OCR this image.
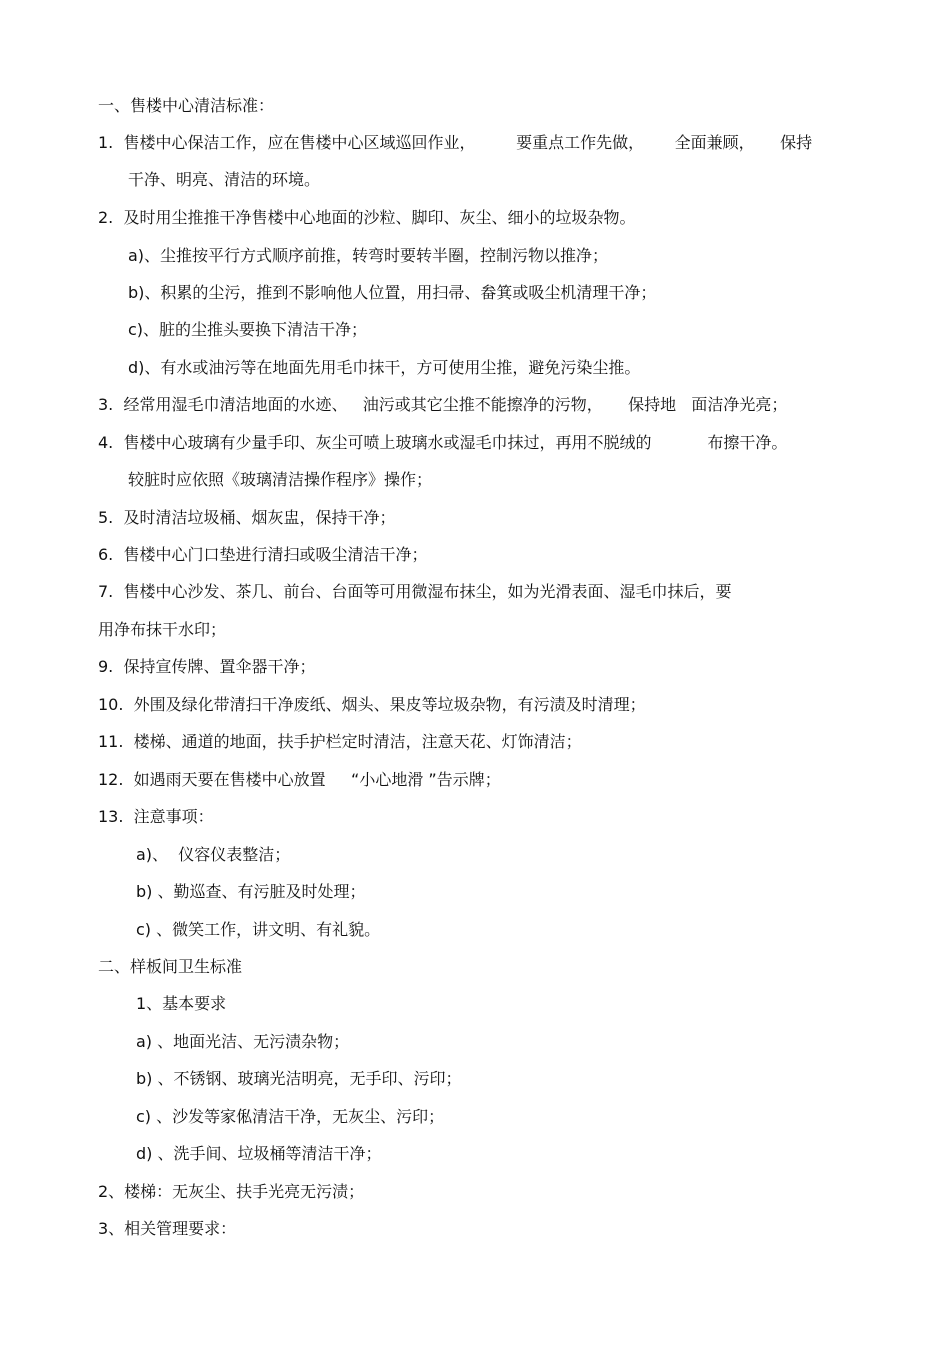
一、售楼中心清洁标准：
1.  售楼中心保洁工作，应在售楼中心区域巡回作业，        要重点工作先做，      全面兼顾，     保持
干净、明亮、清洁的环境。
2.  及时用尘推推干净售楼中心地面的沙粒、脚印、灰尘、细小的垃圾杂物。
a)、尘推按平行方式顺序前推，转弯时要转半圈，控制污物以推净；
b)、积累的尘污，推到不影响他人位置，用扫帚、畚箕或吸尘机清理干净；
c)、脏的尘推头要换下清洁干净；
d)、有水或油污等在地面先用毛巾抹干，方可使用尘推，避免污染尘推。
3.  经常用湿毛巾清洁地面的水迹、   油污或其它尘推不能擦净的污物，     保持地   面洁净光亮；
4.  售楼中心玻璃有少量手印、灰尘可喷上玻璃水或湿毛巾抹过，再用不脱绒的           布擦干净。
较脏时应依照《玻璃清洁操作程序》操作；
5.  及时清洁垃圾桶、烟灰盅，保持干净；
6.  售楼中心门口垫进行清扫或吸尘清洁干净；
7.  售楼中心沙发、茶几、前台、台面等可用微湿布抹尘，如为光滑表面、湿毛巾抹后，要
用净布抹干水印；
9.  保持宣传牌、置伞器干净；
10.  外围及绿化带清扫干净废纸、烟头、果皮等垃圾杂物，有污渍及时清理；
11.  楼梯、通道的地面，扶手护栏定时清洁，注意天花、灯饰清洁；
12.  如遇雨天要在售楼中心放置     “小心地滑 ”告示牌；
13.  注意事项：
a)、  仪容仪表整洁；
b) 、勤巡查、有污脏及时处理；
c) 、微笑工作，讲文明、有礼貌。
二、样板间卫生标准
1、基本要求
a) 、地面光洁、无污渍杂物；
b) 、不锈钢、玻璃光洁明亮，无手印、污印；
c) 、沙发等家俬清洁干净，无灰尘、污印；
d) 、洗手间、垃圾桶等清洁干净；
2、楼梯：无灰尘、扶手光亮无污渍；
3、相关管理要求：
